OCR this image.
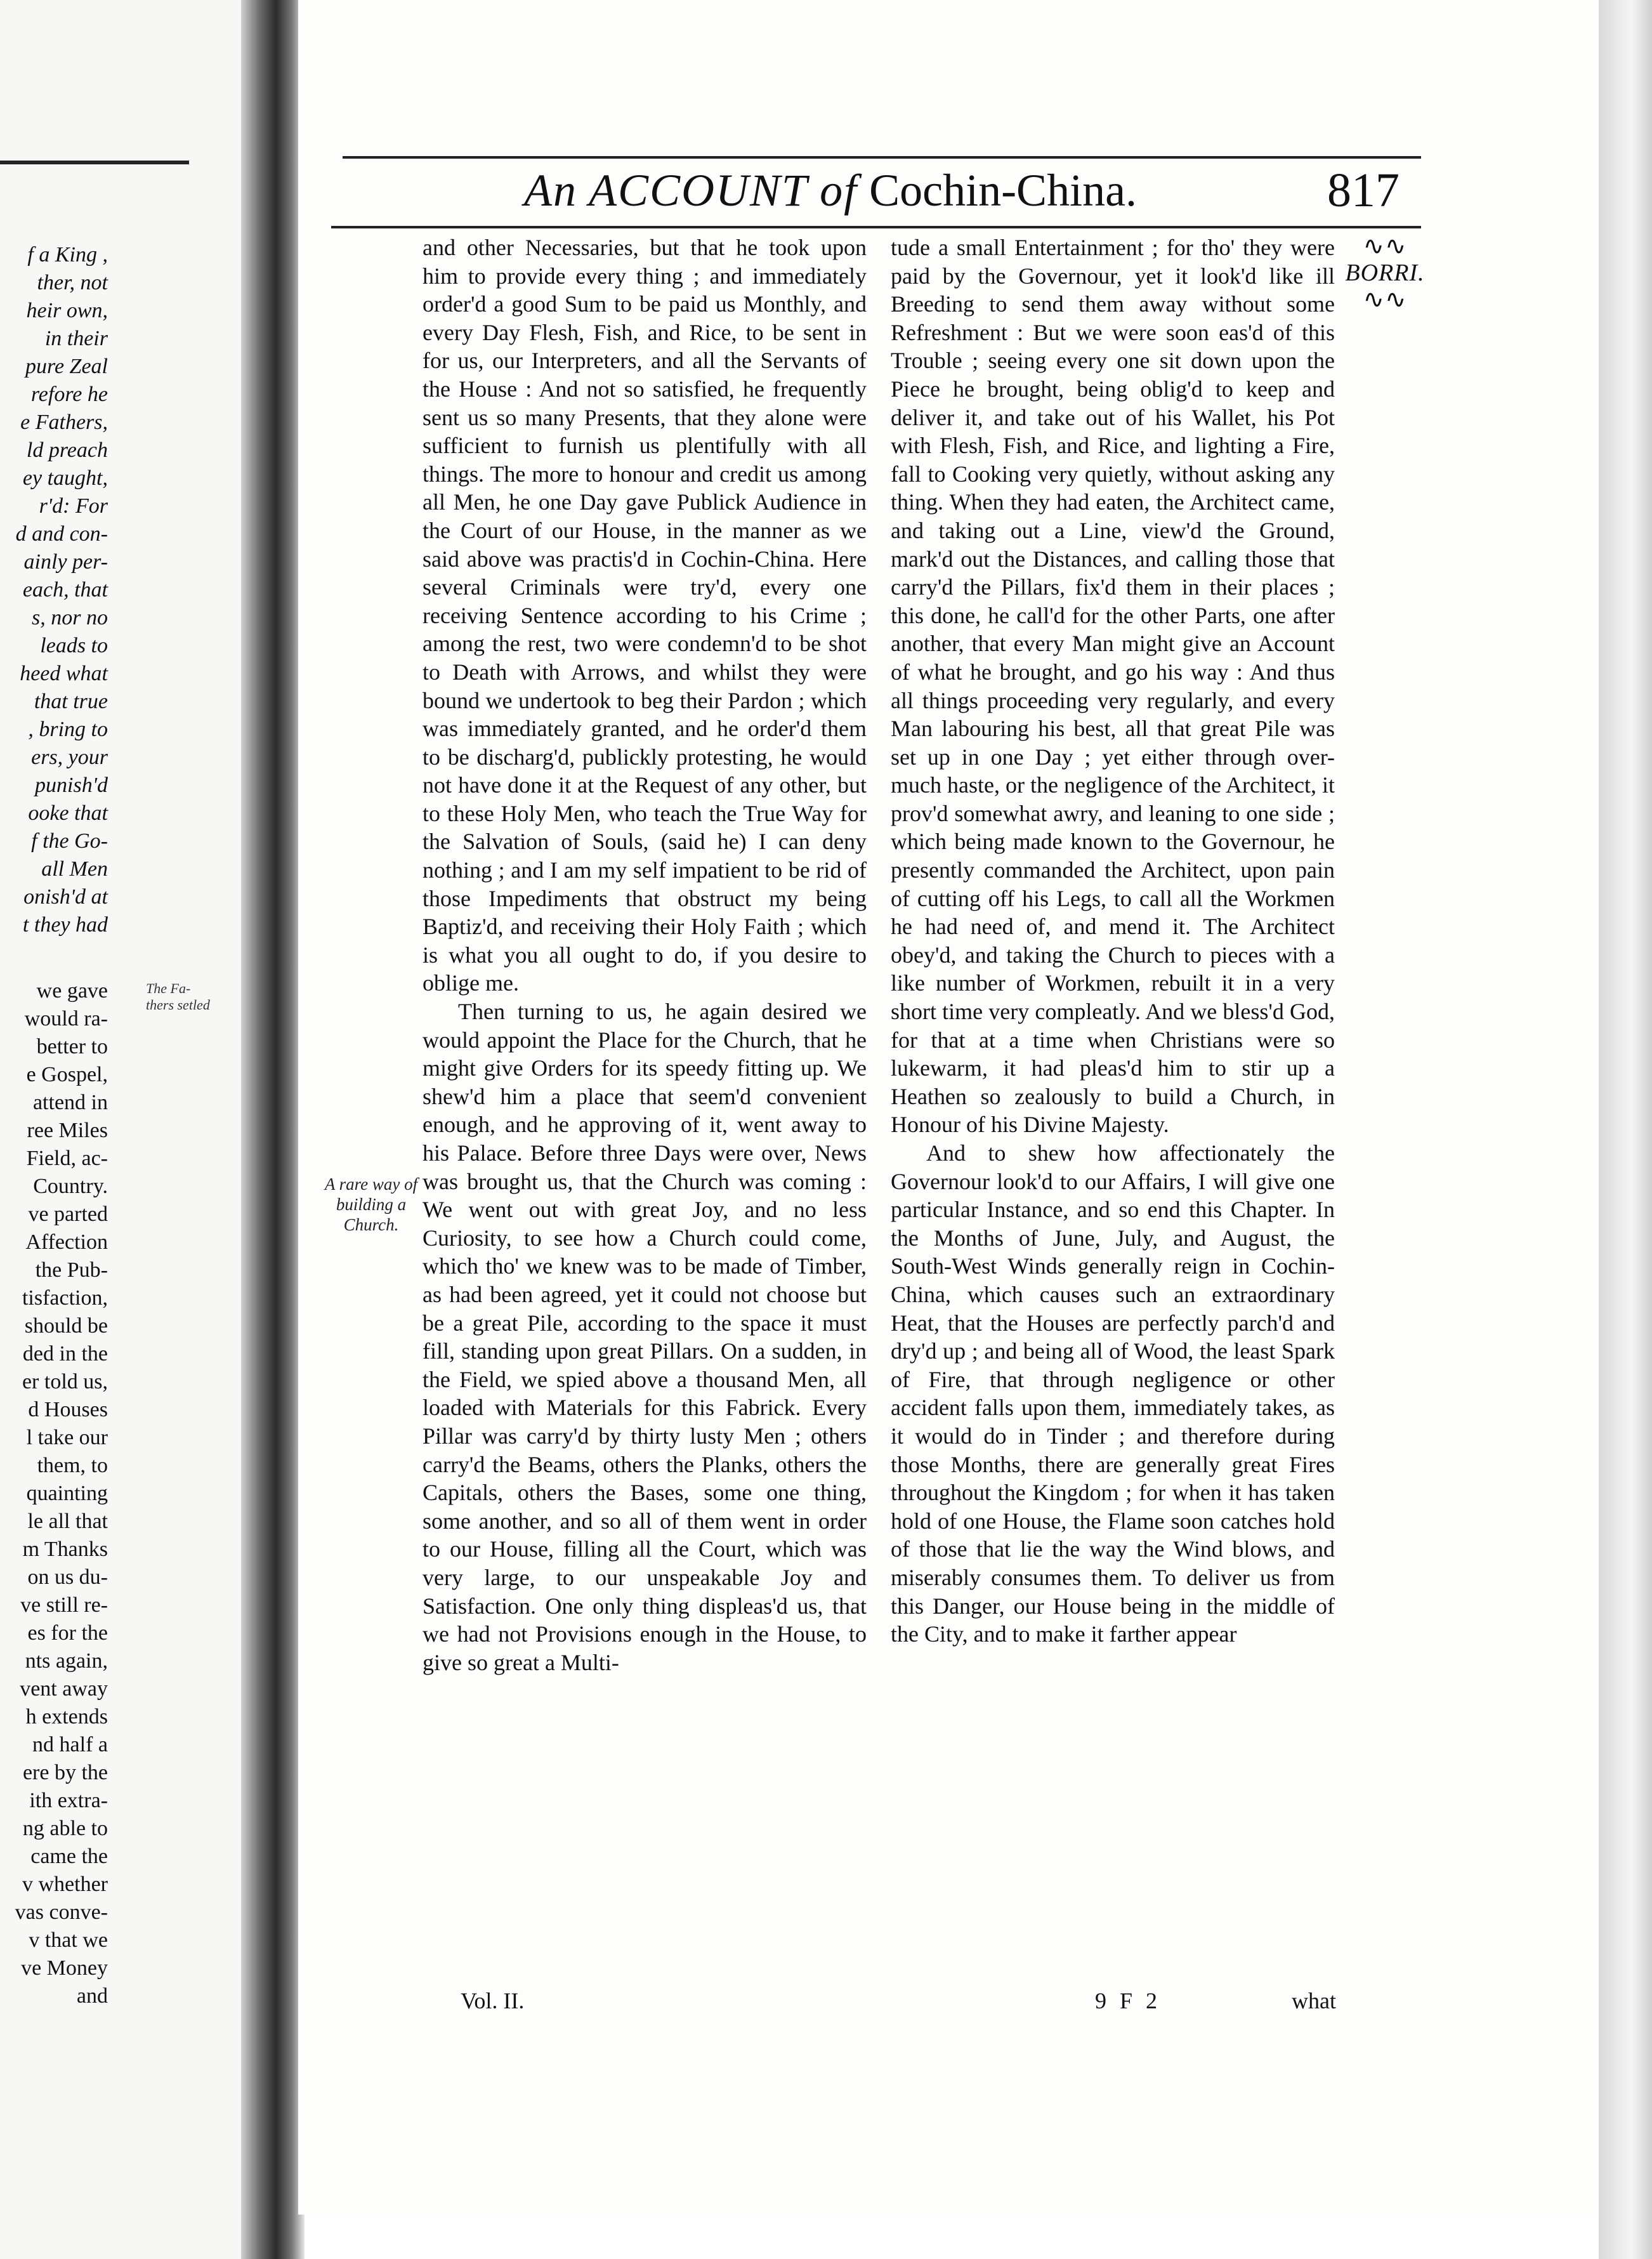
f a King ,
ther, not
heir own,
in their
pure Zeal
refore he
e Fathers,
ld preach
ey taught,
r'd: For
d and con-
ainly per-
each, that
s, nor no
leads to
heed what
that true
, bring to
ers, your
punish'd
ooke that
f the Go-
all Men
onish'd at
t they had
we gave
would ra-
better to
e Gospel,
attend in
ree Miles
Field, ac-
Country.
ve parted
Affection
the Pub-
tisfaction,
should be
ded in the
er told us,
d Houses
l take our
them, to
quainting
le all that
m Thanks
on us du-
ve still re-
es for the
nts again,
vent away
h extends
nd half a
ere by the
ith extra-
ng able to
came the
v whether
vas conve-
v that we
ve Money
and
The Fa- thers setled
An ACCOUNT of Cochin-China.	817
∿∿
BORRI.
∿∿
A rare way of building a Church.

and other Necessaries, but that he took upon him to provide every thing ; and immediately order'd a good Sum to be paid us Monthly, and every Day Flesh, Fish, and Rice, to be sent in for us, our Interpreters, and all the Servants of the House : And not so satisfied, he frequently sent us so many Presents, that they alone were sufficient to furnish us plentifully with all things. The more to honour and credit us among all Men, he one Day gave Publick Audience in the Court of our House, in the manner as we said above was practis'd in Cochin-China. Here several Criminals were try'd, every one receiving Sentence according to his Crime ; among the rest, two were condemn'd to be shot to Death with Arrows, and whilst they were bound we undertook to beg their Pardon ; which was immediately granted, and he order'd them to be discharg'd, publickly protesting, he would not have done it at the Request of any other, but to these Holy Men, who teach the True Way for the Salvation of Souls, (said he) I can deny nothing ; and I am my self impatient to be rid of those Impediments that obstruct my being Baptiz'd, and receiving their Holy Faith ; which is what you all ought to do, if you desire to oblige me.

Then turning to us, he again desired we would appoint the Place for the Church, that he might give Orders for its speedy fitting up. We shew'd him a place that seem'd convenient enough, and he approving of it, went away to his Palace. Before three Days were over, News was brought us, that the Church was coming : We went out with great Joy, and no less Curiosity, to see how a Church could come, which tho' we knew was to be made of Timber, as had been agreed, yet it could not choose but be a great Pile, according to the space it must fill, standing upon great Pillars. On a sudden, in the Field, we spied above a thousand Men, all loaded with Materials for this Fabrick. Every Pillar was carry'd by thirty lusty Men ; others carry'd the Beams, others the Planks, others the Capitals, others the Bases, some one thing, some another, and so all of them went in order to our House, filling all the Court, which was very large, to our unspeakable Joy and Satisfaction. One only thing displeas'd us, that we had not Provisions enough in the House, to give so great a Multi-

tude a small Entertainment ; for tho' they were paid by the Governour, yet it look'd like ill Breeding to send them away without some Refreshment : But we were soon eas'd of this Trouble ; seeing every one sit down upon the Piece he brought, being oblig'd to keep and deliver it, and take out of his Wallet, his Pot with Flesh, Fish, and Rice, and lighting a Fire, fall to Cooking very quietly, without asking any thing. When they had eaten, the Architect came, and taking out a Line, view'd the Ground, mark'd out the Distances, and calling those that carry'd the Pillars, fix'd them in their places ; this done, he call'd for the other Parts, one after another, that every Man might give an Account of what he brought, and go his way : And thus all things proceeding very regularly, and every Man labouring his best, all that great Pile was set up in one Day ; yet either through over-much haste, or the negligence of the Architect, it prov'd somewhat awry, and leaning to one side ; which being made known to the Governour, he presently commanded the Architect, upon pain of cutting off his Legs, to call all the Workmen he had need of, and mend it. The Architect obey'd, and taking the Church to pieces with a like number of Workmen, rebuilt it in a very short time very compleatly. And we bless'd God, for that at a time when Christians were so lukewarm, it had pleas'd him to stir up a Heathen so zealously to build a Church, in Honour of his Divine Majesty.

And to shew how affectionately the Governour look'd to our Affairs, I will give one particular Instance, and so end this Chapter. In the Months of June, July, and August, the South-West Winds generally reign in Cochin-China, which causes such an extraordinary Heat, that the Houses are perfectly parch'd and dry'd up ; and being all of Wood, the least Spark of Fire, that through negligence or other accident falls upon them, immediately takes, as it would do in Tinder ; and therefore during those Months, there are generally great Fires throughout the Kingdom ; for when it has taken hold of one House, the Flame soon catches hold of those that lie the way the Wind blows, and miserably consumes them. To deliver us from this Danger, our House being in the middle of the City, and to make it farther appear

Vol. II.	9 F 2	what
